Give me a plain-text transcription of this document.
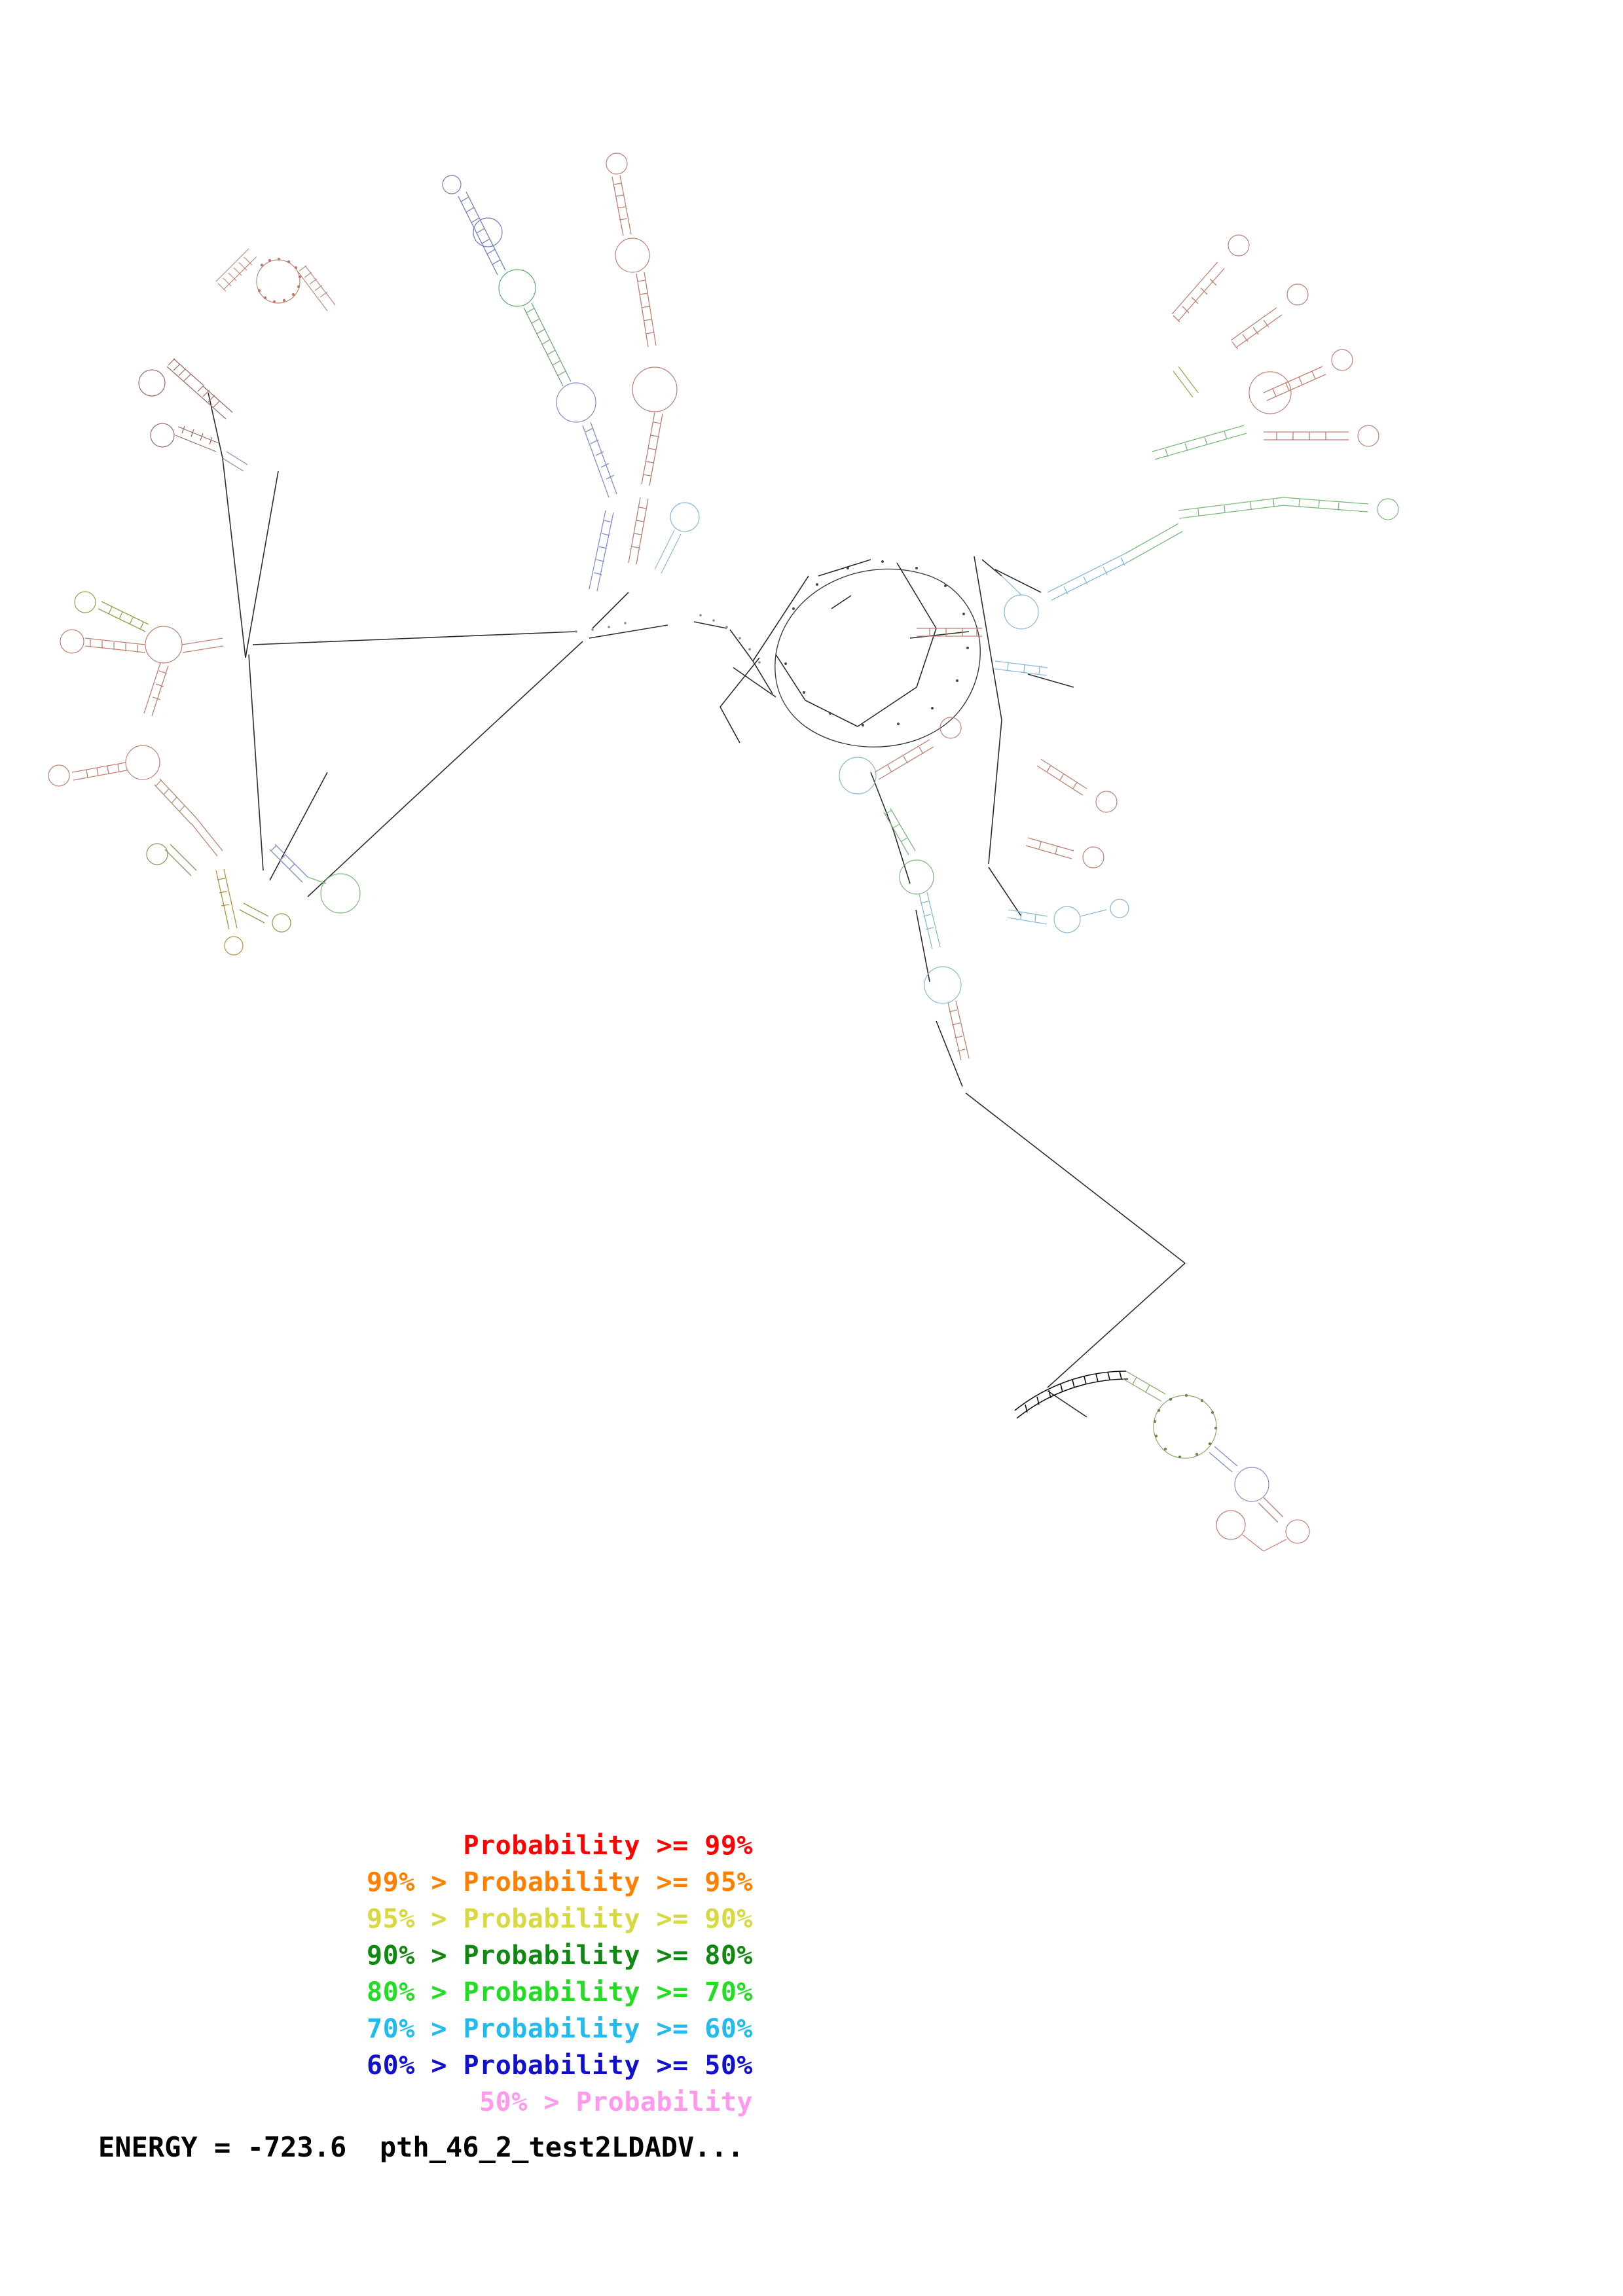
Probability >= 99%
99% > Probability >= 95%
95% > Probability >= 90%
90% > Probability >= 80%
80% > Probability >= 70%
70% > Probability >= 60%
60% > Probability >= 50%
50% > Probability
ENERGY = -723.6  pth_46_2_test2LDADV...
